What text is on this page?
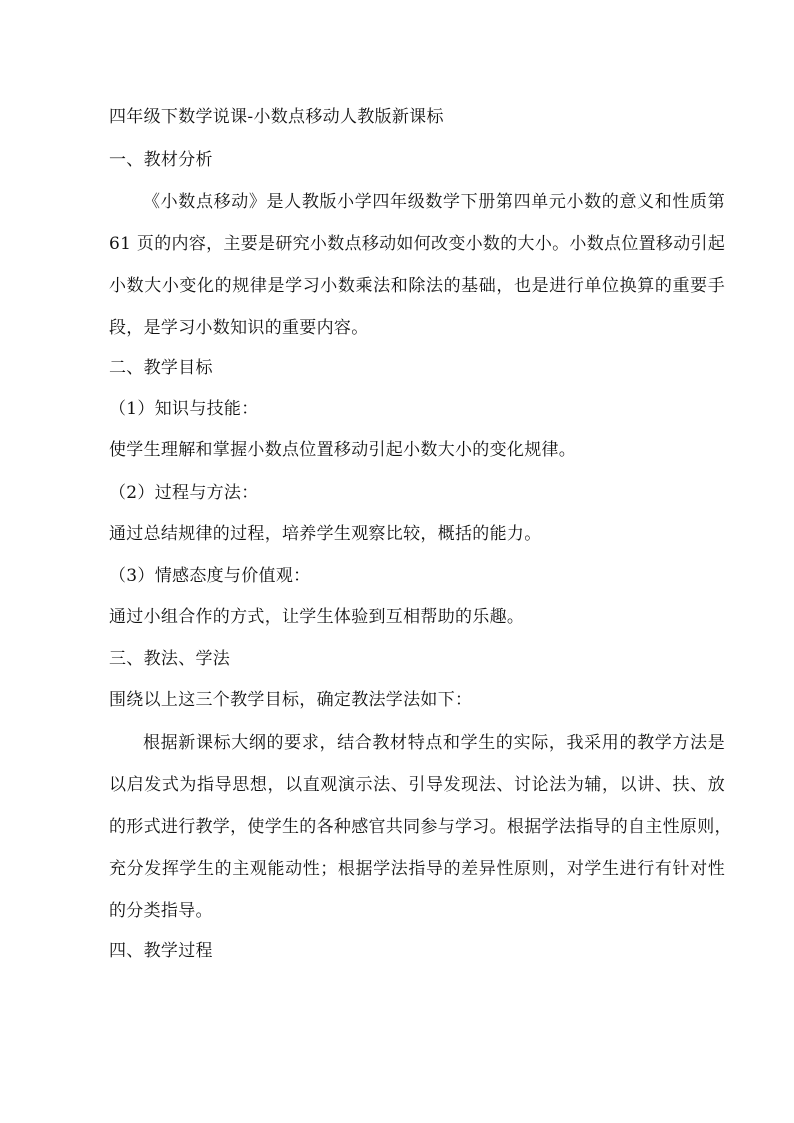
四年级下数学说课-小数点移动人教版新课标
一、教材分析
《小数点移动》是人教版小学四年级数学下册第四单元小数的意义和性质第
61 页的内容，主要是研究小数点移动如何改变小数的大小。小数点位置移动引起
小数大小变化的规律是学习小数乘法和除法的基础，也是进行单位换算的重要手
段，是学习小数知识的重要内容。
二、教学目标
（1）知识与技能：
使学生理解和掌握小数点位置移动引起小数大小的变化规律。
（2）过程与方法：
通过总结规律的过程，培养学生观察比较，概括的能力。
（3）情感态度与价值观：
通过小组合作的方式，让学生体验到互相帮助的乐趣。
三、教法、学法
围绕以上这三个教学目标，确定教法学法如下：
根据新课标大纲的要求，结合教材特点和学生的实际，我采用的教学方法是
以启发式为指导思想，以直观演示法、引导发现法、讨论法为辅，以讲、扶、放
的形式进行教学，使学生的各种感官共同参与学习。根据学法指导的自主性原则，
充分发挥学生的主观能动性；根据学法指导的差异性原则，对学生进行有针对性
的分类指导。
四、教学过程
